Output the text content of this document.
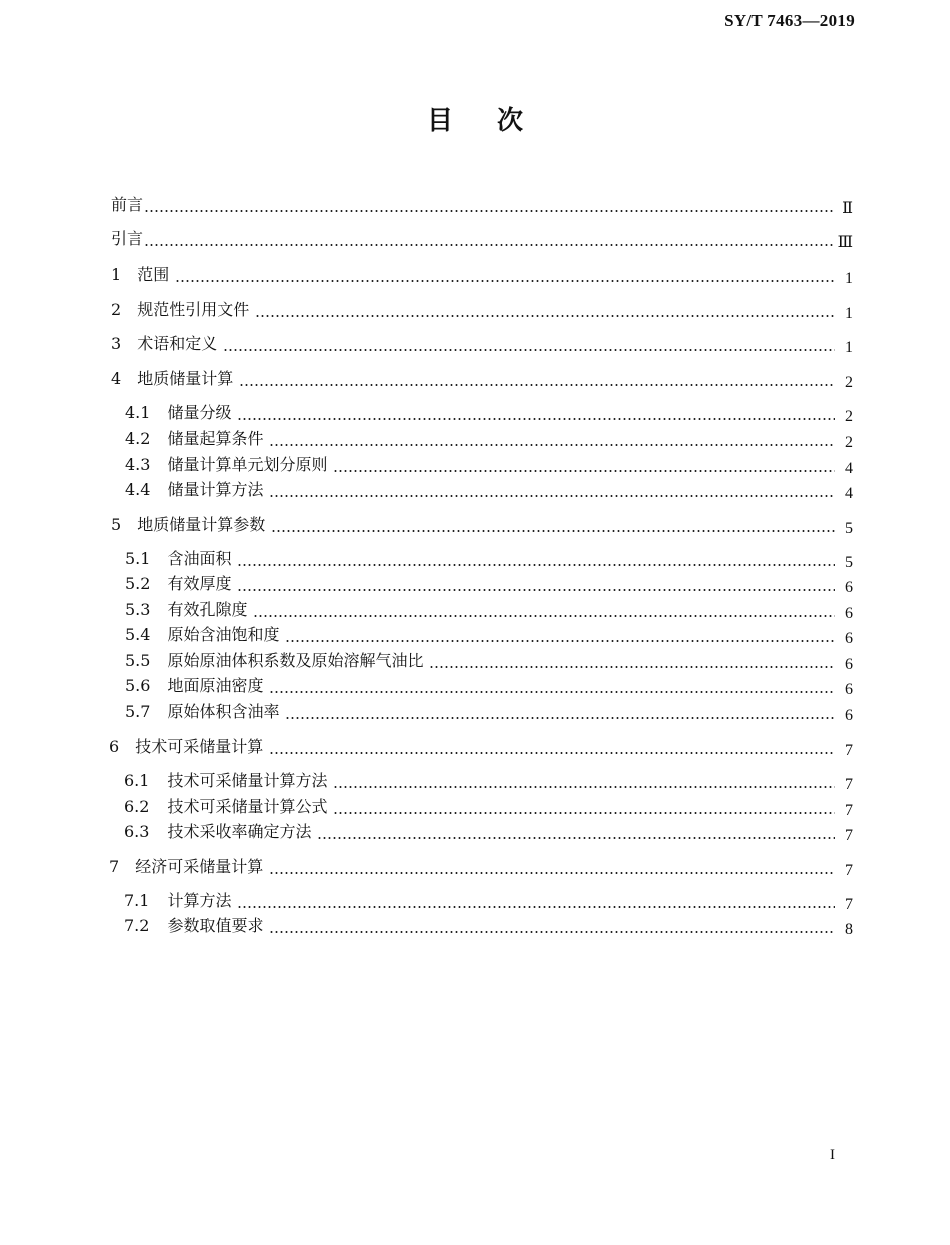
SY/T 7463—2019
目次
前言	Ⅱ
引言	Ⅲ
1 范围	1
2 规范性引用文件	1
3 术语和定义	1
4 地质储量计算	2
4.1 储量分级	2
4.2 储量起算条件	2
4.3 储量计算单元划分原则	4
4.4 储量计算方法	4
5 地质储量计算参数	5
5.1 含油面积	5
5.2 有效厚度	6
5.3 有效孔隙度	6
5.4 原始含油饱和度	6
5.5 原始原油体积系数及原始溶解气油比	6
5.6 地面原油密度	6
5.7 原始体积含油率	6
6 技术可采储量计算	7
6.1 技术可采储量计算方法	7
6.2 技术可采储量计算公式	7
6.3 技术采收率确定方法	7
7 经济可采储量计算	7
7.1 计算方法	7
7.2 参数取值要求	8
I
